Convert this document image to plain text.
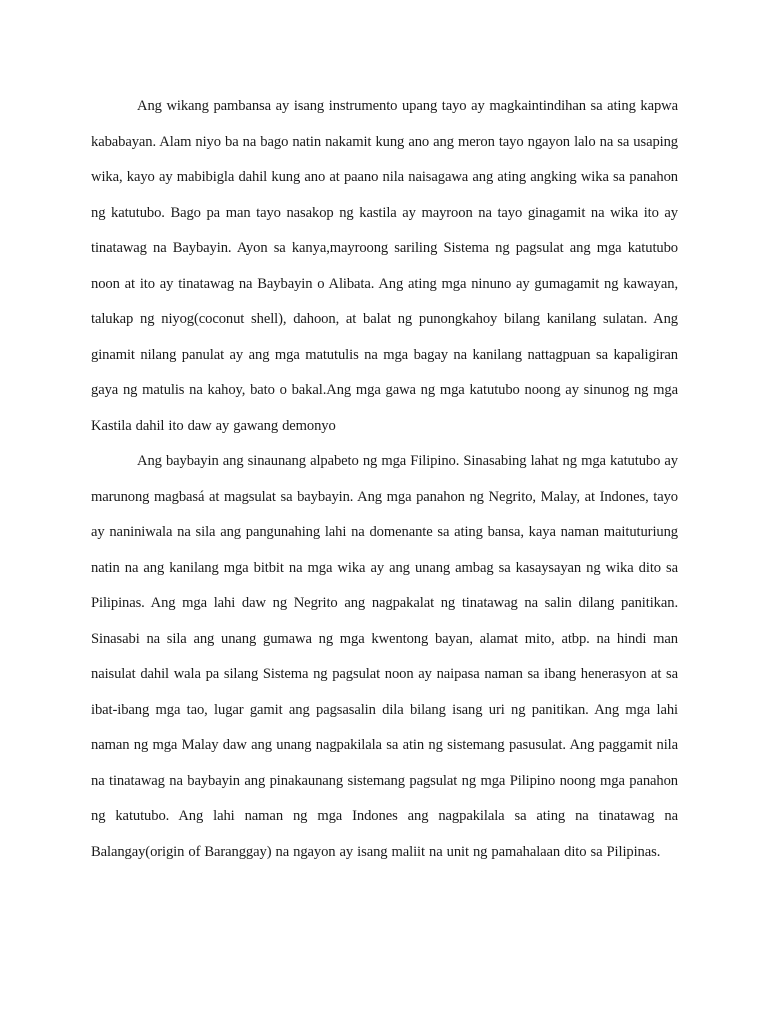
Ang wikang pambansa ay isang instrumento upang tayo ay magkaintindihan sa ating kapwa kababayan. Alam niyo ba na bago natin nakamit kung ano ang meron tayo ngayon lalo na sa usaping wika, kayo ay mabibigla dahil kung ano at paano nila naisagawa ang ating angking wika sa panahon ng katutubo. Bago pa man tayo nasakop ng kastila ay mayroon na tayo ginagamit na wika ito ay tinatawag na Baybayin. Ayon sa kanya,mayroong sariling Sistema ng pagsulat ang mga katutubo noon at ito ay tinatawag na Baybayin o Alibata. Ang ating mga ninuno ay gumagamit ng kawayan, talukap ng niyog(coconut shell), dahoon, at balat ng punongkahoy bilang kanilang sulatan. Ang ginamit nilang panulat ay ang mga matutulis na mga bagay na kanilang nattagpuan sa kapaligiran gaya ng matulis na kahoy, bato o bakal.Ang mga gawa ng mga katutubo noong ay sinunog ng mga Kastila dahil ito daw ay gawang demonyo

Ang baybayin ang sinaunang alpabeto ng mga Filipino. Sinasabing lahat ng mga katutubo ay marunong magbasá at magsulat sa baybayin. Ang mga panahon ng Negrito, Malay, at Indones, tayo ay naniniwala na sila ang pangunahing lahi na domenante sa ating bansa, kaya naman maituturiung natin na ang kanilang mga bitbit na mga wika ay ang unang ambag sa kasaysayan ng wika dito sa Pilipinas. Ang mga lahi daw ng Negrito ang nagpakalat ng tinatawag na salin dilang panitikan. Sinasabi na sila ang unang gumawa ng mga kwentong bayan, alamat mito, atbp. na hindi man naisulat dahil wala pa silang Sistema ng pagsulat noon ay naipasa naman sa ibang henerasyon at sa ibat-ibang mga tao, lugar gamit ang pagsasalin dila bilang isang uri ng panitikan. Ang mga lahi naman ng mga Malay daw ang unang nagpakilala sa atin ng sistemang pasusulat. Ang paggamit nila na tinatawag na baybayin ang pinakaunang sistemang pagsulat ng mga Pilipino noong mga panahon ng katutubo. Ang lahi naman ng mga Indones ang nagpakilala sa ating na tinatawag na Balangay(origin of Baranggay) na ngayon ay isang maliit na unit ng pamahalaan dito sa Pilipinas.
